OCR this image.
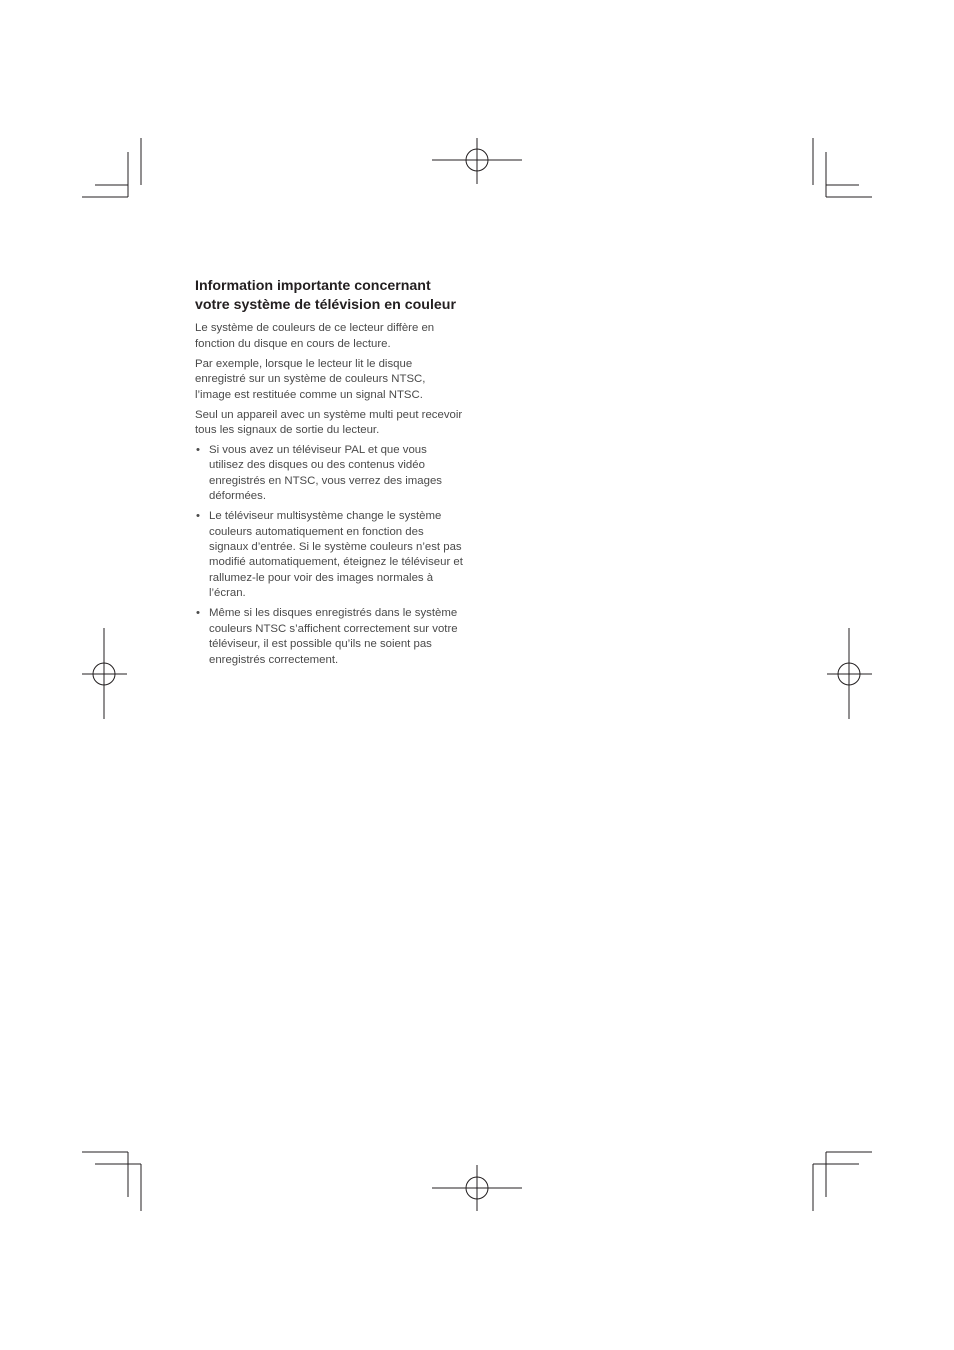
Information importante concernant votre système de télévision en couleur

Le système de couleurs de ce lecteur diffère en fonction du disque en cours de lecture.

Par exemple, lorsque le lecteur lit le disque enregistré sur un système de couleurs NTSC, l’image est restituée comme un signal NTSC.

Seul un appareil avec un système multi peut recevoir tous les signaux de sortie du lecteur.

• Si vous avez un téléviseur PAL et que vous utilisez des disques ou des contenus vidéo enregistrés en NTSC, vous verrez des images déformées.
• Le téléviseur multisystème change le système couleurs automatiquement en fonction des signaux d’entrée. Si le système couleurs n’est pas modifié automatiquement, éteignez le téléviseur et rallumez-le pour voir des images normales à l’écran.
• Même si les disques enregistrés dans le système couleurs NTSC s’affichent correctement sur votre téléviseur, il est possible qu’ils ne soient pas enregistrés correctement.
